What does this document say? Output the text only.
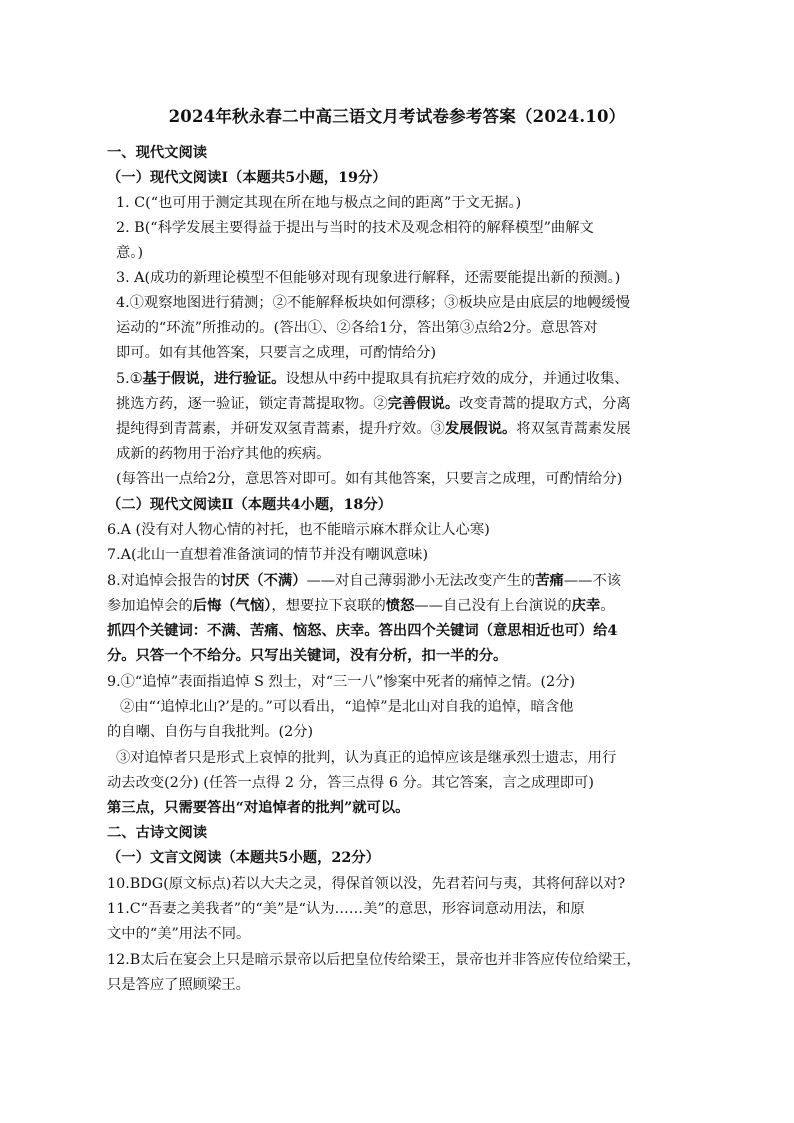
2024年秋永春二中高三语文月考试卷参考答案（2024.10）
一、现代文阅读
（一）现代文阅读Ⅰ（本题共5小题，19分）
1. C(“也可用于测定其现在所在地与极点之间的距离”于文无据。)
2. B(“科学发展主要得益于提出与当时的技术及观念相符的解释模型”曲解文
意。)
3. A(成功的新理论模型不但能够对现有现象进行解释，还需要能提出新的预测。)
4.①观察地图进行猜测；②不能解释板块如何漂移；③板块应是由底层的地幔缓慢
运动的“环流”所推动的。(答出①、②各给1分，答出第③点给2分。意思答对
即可。如有其他答案，只要言之成理，可酌情给分)
5.①基于假说，进行验证。设想从中药中提取具有抗疟疗效的成分，并通过收集、
挑选方药，逐一验证，锁定青蒿提取物。②完善假说。改变青蒿的提取方式，分离
提纯得到青蒿素，并研发双氢青蒿素，提升疗效。③发展假说。将双氢青蒿素发展
成新的药物用于治疗其他的疾病。
(每答出一点给2分，意思答对即可。如有其他答案，只要言之成理，可酌情给分)
（二）现代文阅读Ⅱ（本题共4小题，18分）
6.A (没有对人物心情的衬托，也不能暗示麻木群众让人心寒)
7.A(北山一直想着准备演词的情节并没有嘲讽意味)
8.对追悼会报告的讨厌（不满）——对自己薄弱渺小无法改变产生的苦痛——不该
参加追悼会的后悔（气恼），想要拉下哀联的愤怒——自己没有上台演说的庆幸。
抓四个关键词：不满、苦痛、恼怒、庆幸。答出四个关键词（意思相近也可）给4
分。只答一个不给分。只写出关键词，没有分析，扣一半的分。
9.①“追悼”表面指追悼 S 烈士，对“三一八”惨案中死者的痛悼之情。(2分)
②由“‘追悼北山?’是的。”可以看出，“追悼”是北山对自我的追悼，暗含他
的自嘲、自伤与自我批判。(2分)
③对追悼者只是形式上哀悼的批判，认为真正的追悼应该是继承烈士遗志，用行
动去改变(2分) (任答一点得 2 分，答三点得 6 分。其它答案，言之成理即可)
第三点，只需要答出“对追悼者的批判”就可以。
二、古诗文阅读
（一）文言文阅读（本题共5小题，22分）
10.BDG(原文标点)若以大夫之灵，得保首领以没，先君若问与夷，其将何辞以对?
11.C“吾妻之美我者”的“美”是“认为……美”的意思，形容词意动用法，和原
文中的“美”用法不同。
12.B太后在宴会上只是暗示景帝以后把皇位传给梁王，景帝也并非答应传位给梁王，
只是答应了照顾梁王。
